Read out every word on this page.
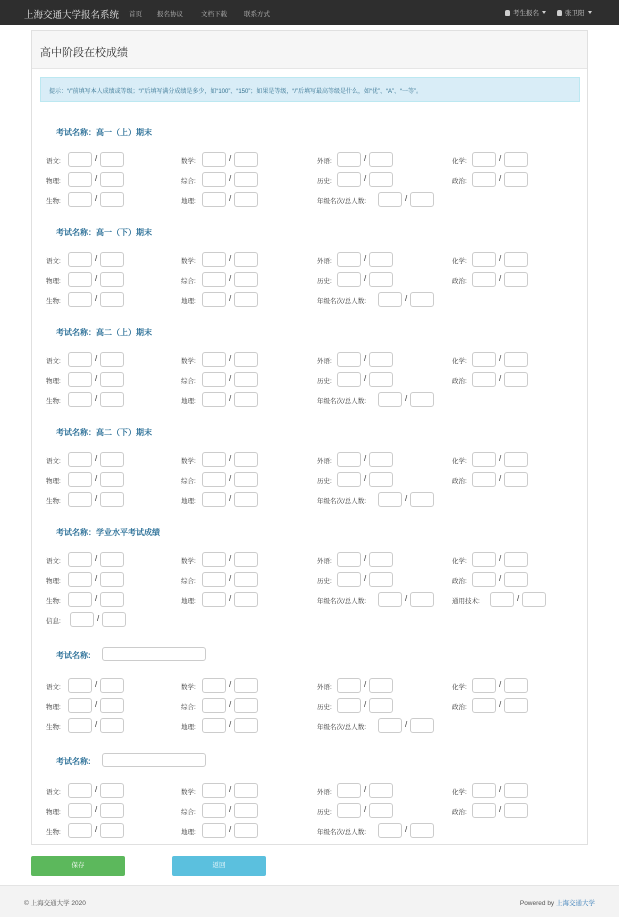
上海交通大学报名系统 首页 报名协议	文档下载	联系方式	考生报名	张卫阳
高中阶段在校成绩
提示：“/”前填写本人成绩或等级；“/”后填写满分成绩是多少，如“100”、“150”；如果是等级，“/”后填写最高等级是什么，如“优”、“A”、“一等”。
考试名称：高一（上）期末
语文:	/	数学:	/	外语:	/	化学:	/
物理:	/	综合:	/	历史:	/	政治:	/
生物:	/	地理:	/	年级名次/总人数:	/
考试名称：高一（下）期末
语文:	/	数学:	/	外语:	/	化学:	/
物理:	/	综合:	/	历史:	/	政治:	/
生物:	/	地理:	/	年级名次/总人数:	/
考试名称：高二（上）期末
语文:	/	数学:	/	外语:	/	化学:	/
物理:	/	综合:	/	历史:	/	政治:	/
生物:	/	地理:	/	年级名次/总人数:	/
考试名称：高二（下）期末
语文:	/	数学:	/	外语:	/	化学:	/
物理:	/	综合:	/	历史:	/	政治:	/
生物:	/	地理:	/	年级名次/总人数:	/
考试名称：学业水平考试成绩
语文:	/	数学:	/	外语:	/	化学:	/
物理:	/	综合:	/	历史:	/	政治:	/
生物:	/	地理:	/	年级名次/总人数:	/	通用技术:	/
信息:	/
考试名称:
语文:	/	数学:	/	外语:	/	化学:	/
物理:	/	综合:	/	历史:	/	政治:	/
生物:	/	地理:	/	年级名次/总人数:	/
考试名称:
语文:	/	数学:	/	外语:	/	化学:	/
物理:	/	综合:	/	历史:	/	政治:	/
生物:	/	地理:	/	年级名次/总人数:	/
保存	返回
© 上海交通大学 2020	Powered by 上海交通大学
